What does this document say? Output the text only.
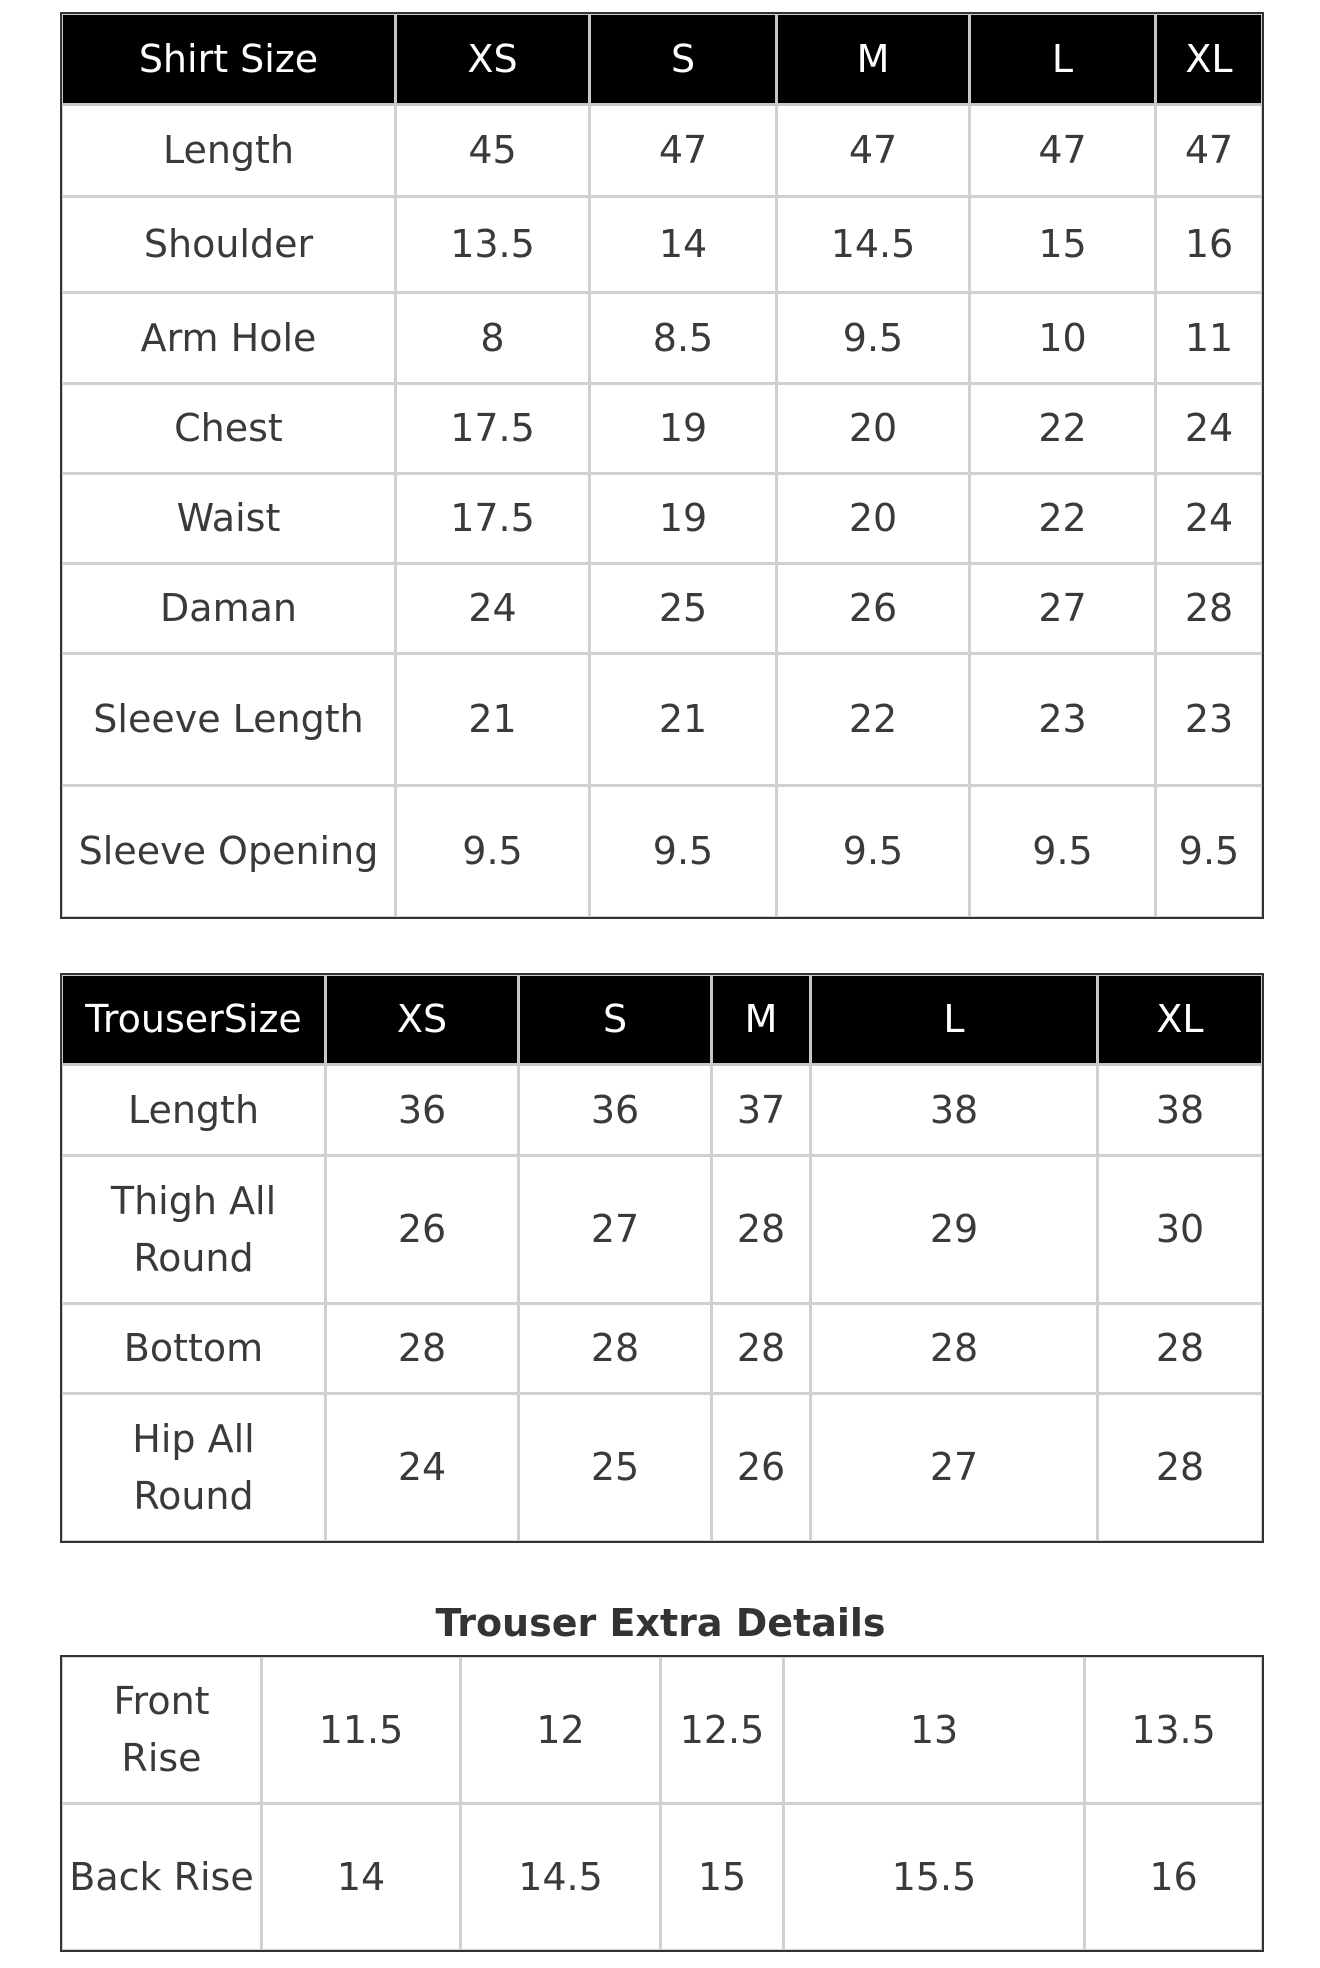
Shirt Size	XS	S	M	L	XL
Length	45	47	47	47	47
Shoulder	13.5	14	14.5	15	16
Arm Hole	8	8.5	9.5	10	11
Chest	17.5	19	20	22	24
Waist	17.5	19	20	22	24
Daman	24	25	26	27	28
Sleeve Length	21	21	22	23	23
Sleeve Opening	9.5	9.5	9.5	9.5	9.5
TrouserSize	XS	S	M	L	XL
Length	36	36	37	38	38
Thigh All Round	26	27	28	29	30
Bottom	28	28	28	28	28
Hip All Round	24	25	26	27	28
Trouser Extra Details
Front Rise	11.5	12	12.5	13	13.5
Back Rise	14	14.5	15	15.5	16
